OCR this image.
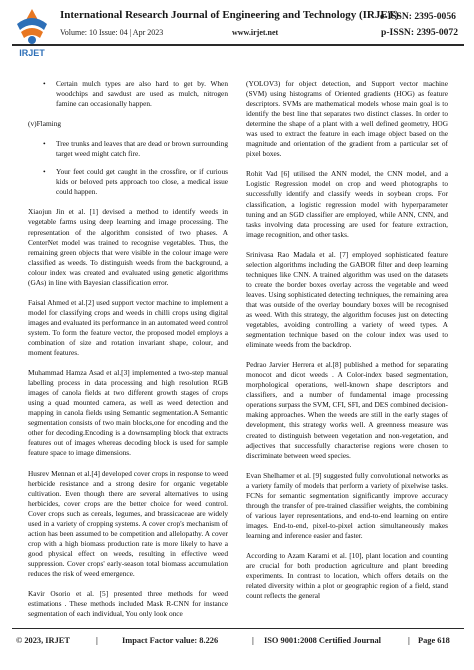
IRJET
International Research Journal of Engineering and Technology (IRJET)
e-ISSN: 2395-0056
Volume: 10 Issue: 04 | Apr 2023	www.irjet.net	p-ISSN: 2395-0072
• Certain mulch types are also hard to get by. When woodchips and sawdust are used as mulch, nitrogen famine can occasionally happen.
(v)Flaming
• Tree trunks and leaves that are dead or brown surrounding target weed might catch fire.
• Your feet could get caught in the crossfire, or if curious kids or beloved pets approach too close, a medical issue could happen.

Xiaojun Jin et al. [1] devised a method to identify weeds in vegetable farms using deep learning and image processing. The representation of the algorithm consisted of two phases. A CenterNet model was trained to recognise vegetables. Thus, the remaining green objects that were visible in the colour image were classified as weeds. To distinguish weeds from the background, a colour index was created and evaluated using genetic algorithms (GAs) in line with Bayesian classification error.

Faisal Ahmed et al.[2] used support vector machine to implement a model for classifying crops and weeds in chilli crops using digital images and evaluated its performance in an automated weed control system. To form the feature vector, the proposed model employs a combination of size and rotation invariant shape, colour, and moment features.

Muhammad Hamza Asad et al.[3] implemented a two-step manual labelling process in data processing and high resolution RGB images of canola fields at two different growth stages of crops using a quad mounted camera, as well as weed detection and mapping in canola fields using Semantic segmentation.A Semantic segmentation consists of two main blocks,one for encoding and the other for decoding.Encoding is a downsampling block that extracts features out of images whereas decoding block is used for sample feature space to image dimensions.

Husrev Mennan et al.[4] developed cover crops in response to weed herbicide resistance and a strong desire for organic vegetable cultivation. Even though there are several alternatives to using herbicides, cover crops are the better choice for weed control. Cover crops such as cereals, legumes, and brassicaceae are widely used in a variety of cropping systems. A cover crop's mechanism of action has been assumed to be competition and allelopathy. A cover crop with a high biomass production rate is more likely to have a good physical effect on weeds, resulting in effective weed suppression. Cover crops' early-season total biomass accumulation reduces the risk of weed emergence.

Kavir Osorio et al. [5] presented three methods for weed estimations . These methods included Mask R-CNN for instance segmentation of each individual, You only look once

(YOLOV3) for object detection, and Support vector machine (SVM) using histograms of Oriented gradients (HOG) as feature descriptors. SVMs are mathematical models whose main goal is to identify the best line that separates two distinct classes. In order to determine the shape of a plant with a well defined geometry, HOG was used to extract the feature in each image object based on the magnitude and orientation of the gradient from a particular set of pixel boxes.

Rohit Vad [6] utilised the ANN model, the CNN model, and a Logistic Regression model on crop and weed photographs to successfully identify and classify weeds in soybean crops. For classification, a logistic regression model with hyperparameter tuning and an SGD classifier are employed, while ANN, CNN, and tasks involving data processing are used for feature extraction, image recognition, and other tasks.

Srinivasa Rao Madala et al. [7] employed sophisticated feature selection algorithms including the GABOR filter and deep learning techniques like CNN. A trained algorithm was used on the datasets to create the border boxes overlay across the vegetable and weed leaves. Using sophisticated detecting techniques, the remaining area that was outside of the overlay boundary boxes will be recognised as weed. With this strategy, the algorithm focuses just on detecting vegetables, avoiding controlling a variety of weed types. A segmentation technique based on the colour index was used to eliminate weeds from the backdrop.

Pedrao Jarvier Herrera et al.[8] published a method for separating monocot and dicot weeds . A Color-index based segmentation, morphological operations, well-known shape descriptors and classifiers, and a number of fundamental image processing operations surpass the SVM, CFI, SFI, and DES combined decision-making approaches. When the weeds are still in the early stages of development, this strategy works well. A greenness measure was created to distinguish between vegetation and non-vegetation, and adjectives that successfully characterise regions were chosen to discriminate between weed species.

Evan Shelhamer et al. [9] suggested fully convolutional networks as a variety family of models that perform a variety of pixelwise tasks. FCNs for semantic segmentation significantly improve accuracy through the transfer of pre-trained classifier weights, the combining of various layer representations, and end-to-end learning on entire images. End-to-end, pixel-to-pixel action simultaneously makes learning and inference easier and faster.

According to Azam Karami et al. [10], plant location and counting are crucial for both production agriculture and plant breeding experiments. In contrast to location, which offers details on the related diversity within a plot or geographic region of a field, stand count reflects the general

© 2023, IRJET	|	Impact Factor value: 8.226	| ISO 9001:2008 Certified Journal	| Page 618
